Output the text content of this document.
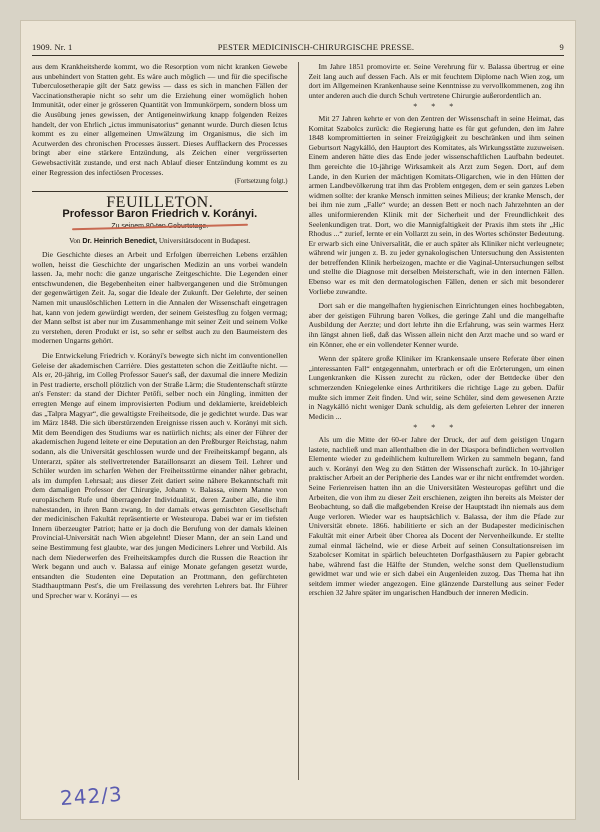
1909. Nr. 1	PESTER MEDICINISCH-CHIRURGISCHE PRESSE.	9

aus dem Krankheitsherde kommt, wo die Resorption vom nicht kranken Gewebe aus unbehindert von Statten geht. Es wäre auch möglich — und für die specifische Tuberculosetherapie gilt der Satz gewiss — dass es sich in manchen Fällen der Vaccinationstherapie nicht so sehr um die Erziehung einer womöglich hohen Immunität, oder einer je grösseren Quantität von Immunkörpern, sondern bloss um die Ausübung jenes gewissen, der Antigeneinwirkung knapp folgenden Reizes handelt, der von Ehrlich „ictus immunisatorius“ genannt wurde. Durch diesen Ictus kommt es zu einer allgemeinen Umwälzung im Organismus, die sich im Acutwerden des chronischen Processes äussert. Dieses Aufflackern des Processes bringt aber eine stärkere Entzündung, als Zeichen einer vergrösserten Gewebsactivität zustande, und erst nach Ablauf dieser Entzündung kommt es zu einer Regression des infectiösen Processes.

(Fortsetzung folgt.)
FEUILLETON.
Professor Baron Friedrich v. Korányi.
Von Dr. Heinrich Benedict, Universitätsdocent in Budapest.

Die Geschichte dieses an Arbeit und Erfolgen überreichen Lebens erzählen wollen, heisst die Geschichte der ungarischen Medizin an uns vorbei wandeln lassen. Ja, mehr noch: die ganze ungarische Zeitgeschichte. Die Legenden einer entschwundenen, die Begebenheiten einer halbvergangenen und die Strömungen der gegenwärtigen Zeit. Ja, sogar die Ideale der Zukunft. Der Gelehrte, der seinen Namen mit unauslöschlichen Lettern in die Annalen der Wissenschaft eingetragen hat, kann von jedem gewürdigt werden, der seinem Geistesflug zu folgen vermag; der Mann selbst ist aber nur im Zusammenhange mit seiner Zeit und seinem Volke zu verstehen, deren Produkt er ist, so sehr er selbst auch zu den Baumeistern des modernen Ungarns gehört.

Die Entwickelung Friedrich v. Korányi's bewegte sich nicht im conventionellen Geleise der akademischen Carrière. Dies gestatteten schon die Zeitläufte nicht. — Als er, 20-jährig, im Colleg Professor Sauer's saß, der daxumal die innere Medizin in Pest tradierte, erscholl plötzlich von der Straße Lärm; die Studentenschaft stürzte an's Fenster: da stand der Dichter Petőfi, selber noch ein Jüngling, inmitten der erregten Menge auf einem improvisierten Podium und deklamierte, kreidebleich das „Talpra Magyar“, die gewaltigste Freiheitsode, die je gedichtet wurde. Das war im März 1848. Die sich überstürzenden Ereignisse rissen auch v. Korányi mit sich. Mit dem Beendigen des Studiums war es natürlich nichts; als einer der Führer der akademischen Jugend leitete er eine Deputation an den Preßburger Reichstag, nahm sodann, als die Universität geschlossen wurde und der Freiheitskampf begann, als Unterarzt, später als stellvertretender Bataillonsarzt an diesem Teil. Lehrer und Schüler wurden im scharfen Wehen der Freiheitsstürme einander näher gebracht, als im dumpfen Lehrsaal; aus dieser Zeit datiert seine nähere Bekanntschaft mit dem damaligen Professor der Chirurgie, Johann v. Balassa, einem Manne von europäischem Rufe und überragender Individualität, deren Zauber alle, die ihm nahestanden, in ihren Bann zwang. In der damals etwas gemischten Gesellschaft der medicinischen Fakultät repräsentierte er Westeuropa. Dabei war er im tiefsten Innern überzeugter Patriot; hatte er ja doch die Berufung von der damals kleinen Provincial-Universität nach Wien abgelehnt! Dieser Mann, der an sein Land und seine Bestimmung fest glaubte, war des jungen Mediciners Lehrer und Vorbild. Als nach dem Niederwerfen des Freiheitskampfes durch die Russen die Reaction ihr Werk begann und auch v. Balassa auf einige Monate gefangen gesetzt wurde, entsandten die Studenten eine Deputation an Prottmann, den gefürchteten Stadthauptmann Pest's, die um Freilassung des verehrten Lehrers bat. Ihr Führer und Sprecher war v. Korányi — es

Im Jahre 1851 promovirte er. Seine Verehrung für v. Balassa übertrug er eine Zeit lang auch auf dessen Fach. Als er mit feuchtem Diplome nach Wien zog, um dort im Allgemeinen Krankenhause seine Kenntnisse zu vervollkommenen, zog ihn unter anderen auch die durch Schuh vertretene Chirurgie außerordentlich an.

* * *

Mit 27 Jahren kehrte er von den Zentren der Wissenschaft in seine Heimat, das Komitat Szabolcs zurück: die Regierung hatte es für gut gefunden, den im Jahre 1848 kompromittierten in seiner Freizügigkeit zu beschränken und ihm seinen Geburtsort Nagykálló, den Hauptort des Komitates, als Wirkungsstätte zuzuweisen. Einem anderen hätte dies das Ende jeder wissenschaftlichen Laufbahn bedeutet. Ihm gereichte die 10-jährige Wirksamkeit als Arzt zum Segen. Dort, auf dem Lande, in den Kurien der mächtigen Komitats-Oligarchen, wie in den Hütten der armen Landbevölkerung trat ihm das Problem entgegen, dem er sein ganzes Leben widmen sollte: der kranke Mensch inmitten seines Milieus; der kranke Mensch, der bei ihm nie zum „Falle“ wurde; an dessen Bett er noch nach Jahrzehnten an der alles uniformierenden Klinik mit der Sicherheit und der Freundlichkeit des Seelenkundigen trat. Dort, wo die Mannigfaltigkeit der Praxis ihm stets ihr „Hic Rhodus ...“ zurief, lernte er ein Vollarzt zu sein, in des Wortes schönster Bedeutung. Er erwarb sich eine Universalität, die er auch später als Kliniker nicht verleugnete; während wir jungen z. B. zu jeder gynakologischen Untersuchung den Assistenten der betreffenden Klinik herbeizogen, machte er die Vaginal-Untersuchungen selbst und stellte die Diagnose mit derselben Meisterschaft, wie in den internen Fällen. Ebenso war es mit den dermatologischen Fällen, denen er sich mit besonderer Vorliebe zuwandte.

Dort sah er die mangelhaften hygienischen Einrichtungen eines hochbegabten, aber der geistigen Führung baren Volkes, die geringe Zahl und die mangelhafte Ausbildung der Aerzte; und dort lehrte ihn die Erfahrung, was sein warmes Herz ihn längst ahnen ließ, daß das Wissen allein nicht den Arzt mache und so ward er ein Könner, ehe er ein vollendeter Kenner wurde.

Wenn der spätere große Kliniker im Krankensaale unsere Referate über einen „interessanten Fall“ entgegennahm, unterbrach er oft die Erörterungen, um einen Lungenkranken die Kissen zurecht zu rücken, oder der Bettdecke über den schmerzenden Kniegelenke eines Arthritikers die richtige Lage zu geben. Dafür mußte sich immer Zeit finden. Und wir, seine Schüler, sind dem gewesenen Arzte in Nagykálló nicht weniger Dank schuldig, als dem gefeierten Lehrer der inneren Medicin ...

* * *

Als um die Mitte der 60-er Jahre der Druck, der auf dem geistigen Ungarn lastete, nachließ und man allenthalben die in der Diaspora befindlichen wertvollen Elemente wieder zu gedeihlichem kulturellem Wirken zu sammeln begann, fand auch v. Korányi den Weg zu den Stätten der Wissenschaft zurück. In 10-jähriger praktischer Arbeit an der Peripherie des Landes war er ihr nicht entfremdet worden. Seine Ferienreisen hatten ihn an die Universitäten Westeuropas geführt und die Arbeiten, die von ihm zu dieser Zeit erschienen, zeigten ihn bereits als Meister der Beobachtung, so daß die maßgebenden Kreise der Hauptstadt ihn niemals aus dem Auge verloren. Wieder war es hauptsächlich v. Balassa, der ihm die Pfade zur Universität ebnete. 1866. habilitierte er sich an der Budapester medicinischen Fakultät mit einer Arbeit über Chorea als Docent der Nervenheilkunde. Er stellte zumal einmal lächelnd, wie er diese Arbeit auf seinen Consultationsreisen im Szabolcser Komitat in spärlich beleuchteten Dorfgasthäusern zu Papier gebracht habe, während fast die Hälfte der Stunden, welche sonst dem Quellenstudium gewidmet war und wie er sich dabei ein Augenleiden zuzog. Das Thema hat ihn seitdem immer wieder angezogen. Eine glänzende Darstellung aus seiner Feder erschien 32 Jahre später im ungarischen Handbuch der inneren Medicin.

242/3
